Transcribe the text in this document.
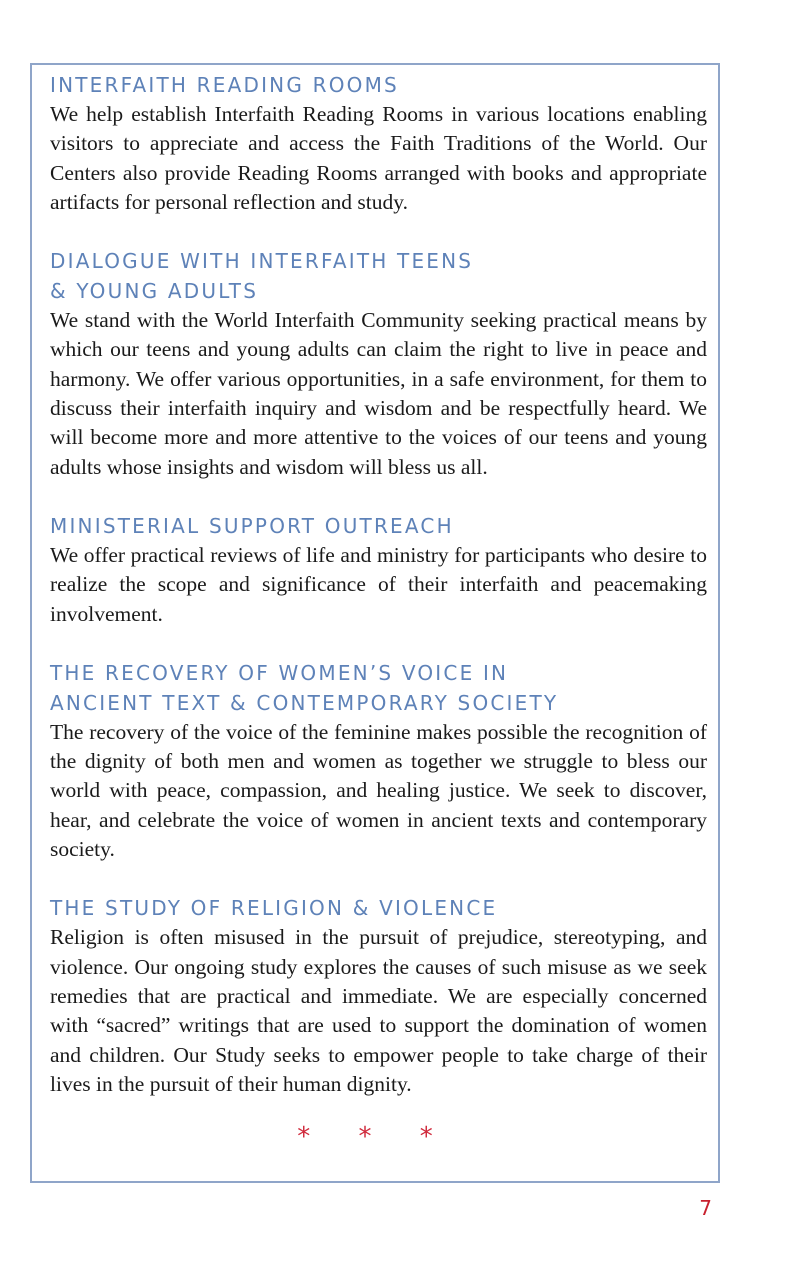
INTERFAITH READING ROOMS

We help establish Interfaith Reading Rooms in various locations enabling visitors to appreciate and access the Faith Traditions of the World. Our Centers also provide Reading Rooms arranged with books and appropriate artifacts for personal reflection and study.

DIALOGUE WITH INTERFAITH TEENS
& YOUNG ADULTS

We stand with the World Interfaith Community seeking practical means by which our teens and young adults can claim the right to live in peace and harmony. We offer various opportunities, in a safe environment, for them to discuss their interfaith inquiry and wisdom and be respectfully heard. We will become more and more attentive to the voices of our teens and young adults whose insights and wisdom will bless us all.

MINISTERIAL SUPPORT OUTREACH

We offer practical reviews of life and ministry for participants who desire to realize the scope and significance of their interfaith and peacemaking involvement.

THE RECOVERY OF WOMEN’S VOICE IN
ANCIENT TEXT & CONTEMPORARY SOCIETY

The recovery of the voice of the feminine makes possible the recognition of the dignity of both men and women as together we struggle to bless our world with peace, compassion, and healing justice. We seek to discover, hear, and celebrate the voice of women in ancient texts and contemporary society.

THE STUDY OF RELIGION & VIOLENCE

Religion is often misused in the pursuit of prejudice, stereotyping, and violence. Our ongoing study explores the causes of such misuse as we seek remedies that are practical and immediate. We are especially concerned with “sacred” writings that are used to support the domination of women and children. Our Study seeks to empower people to take charge of their lives in the pursuit of their human dignity.

* * *
7
